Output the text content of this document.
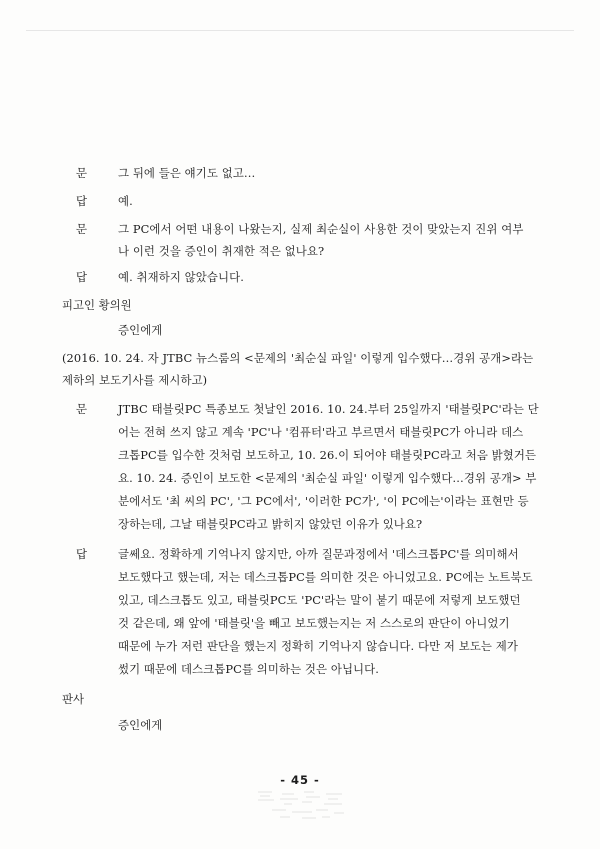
문	그 뒤에 들은 얘기도 없고…
답	예.
문	그 PC에서 어떤 내용이 나왔는지, 실제 최순실이 사용한 것이 맞았는지 진위 여부
나 이런 것을 증인이 취재한 적은 없나요?
답	예. 취재하지 않았습니다.
피고인 황의원
증인에게
(2016. 10. 24. 자 JTBC 뉴스룸의 <문제의 '최순실 파일' 이렇게 입수했다…경위 공개>라는
제하의 보도기사를 제시하고)
문	JTBC 태블릿PC 특종보도 첫날인 2016. 10. 24.부터 25일까지 '태블릿PC'라는 단
어는 전혀 쓰지 않고 계속 'PC'나 '컴퓨터'라고 부르면서 태블릿PC가 아니라 데스
크톱PC를 입수한 것처럼 보도하고, 10. 26.이 되어야 태블릿PC라고 처음 밝혔거든
요. 10. 24. 증인이 보도한 <문제의 '최순실 파일' 이렇게 입수했다…경위 공개> 부
분에서도 '최 씨의 PC', '그 PC에서', '이러한 PC가', '이 PC에는'이라는 표현만 등
장하는데, 그날 태블릿PC라고 밝히지 않았던 이유가 있나요?
답	글쎄요. 정확하게 기억나지 않지만, 아까 질문과정에서 '데스크톱PC'를 의미해서
보도했다고 했는데, 저는 데스크톱PC를 의미한 것은 아니었고요. PC에는 노트북도
있고, 데스크톱도 있고, 태블릿PC도 'PC'라는 말이 붙기 때문에 저렇게 보도했던
것 같은데, 왜 앞에 '태블릿'을 빼고 보도했는지는 저 스스로의 판단이 아니었기
때문에 누가 저런 판단을 했는지 정확히 기억나지 않습니다. 다만 저 보도는 제가
썼기 때문에 데스크톱PC를 의미하는 것은 아닙니다.
판사
증인에게
- 45 -
